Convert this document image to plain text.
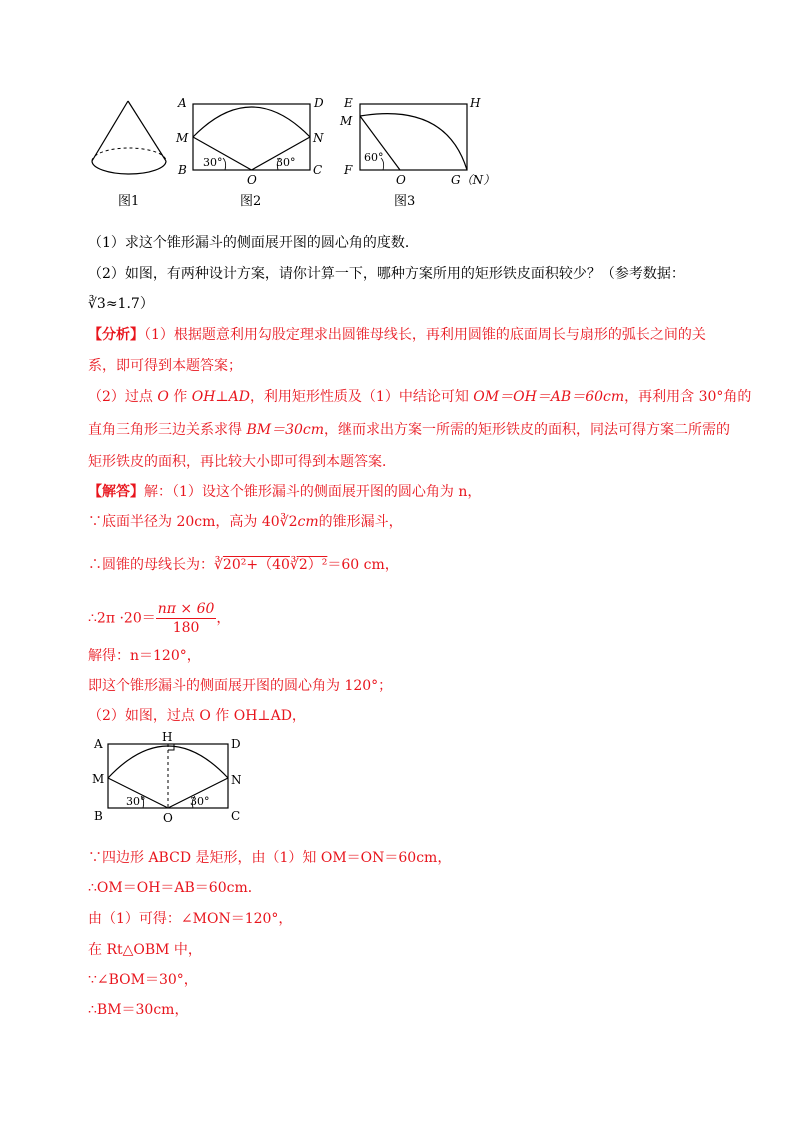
图1
A	D
M	N
B
O
C
30°	30°
图2
E	H
M
F
O	G（N）
60°
图3
（1）求这个锥形漏斗的侧面展开图的圆心角的度数．
（2）如图，有两种设计方案，请你计算一下，哪种方案所用的矩形铁皮面积较少？（参考数据：
∛3≈1.7）
【分析】（1）根据题意利用勾股定理求出圆锥母线长，再利用圆锥的底面周长与扇形的弧长之间的关
系，即可得到本题答案；
（2）过点 O 作 OH⊥AD，利用矩形性质及（1）中结论可知 OM＝OH＝AB＝60cm，再利用含 30°角的
直角三角形三边关系求得 BM＝30cm，继而求出方案一所需的矩形铁皮的面积，同法可得方案二所需的
矩形铁皮的面积，再比较大小即可得到本题答案．
【解答】解：（1）设这个锥形漏斗的侧面展开图的圆心角为 n，
∵底面半径为 20cm，高为 40∛2cm的锥形漏斗，
∴圆锥的母线长为：∛20²+（40∛2）²＝60 cm，
∴2π $\cdot 20= \frac{n\pi \times 60}{180}$ ，
解得：n＝120°，
即这个锥形漏斗的侧面展开图的圆心角为 120°；
（2）如图，过点 O 作 OH⊥AD，
A	H	D
M	N
B	O	C
30°	30°
∵四边形 ABCD 是矩形，由（1）知 OM＝ON＝60cm，
∴OM＝OH＝AB＝60cm．
由（1）可得：∠MON＝120°，
在 Rt△OBM 中，
∵∠BOM＝30°，
∴BM＝30cm，
